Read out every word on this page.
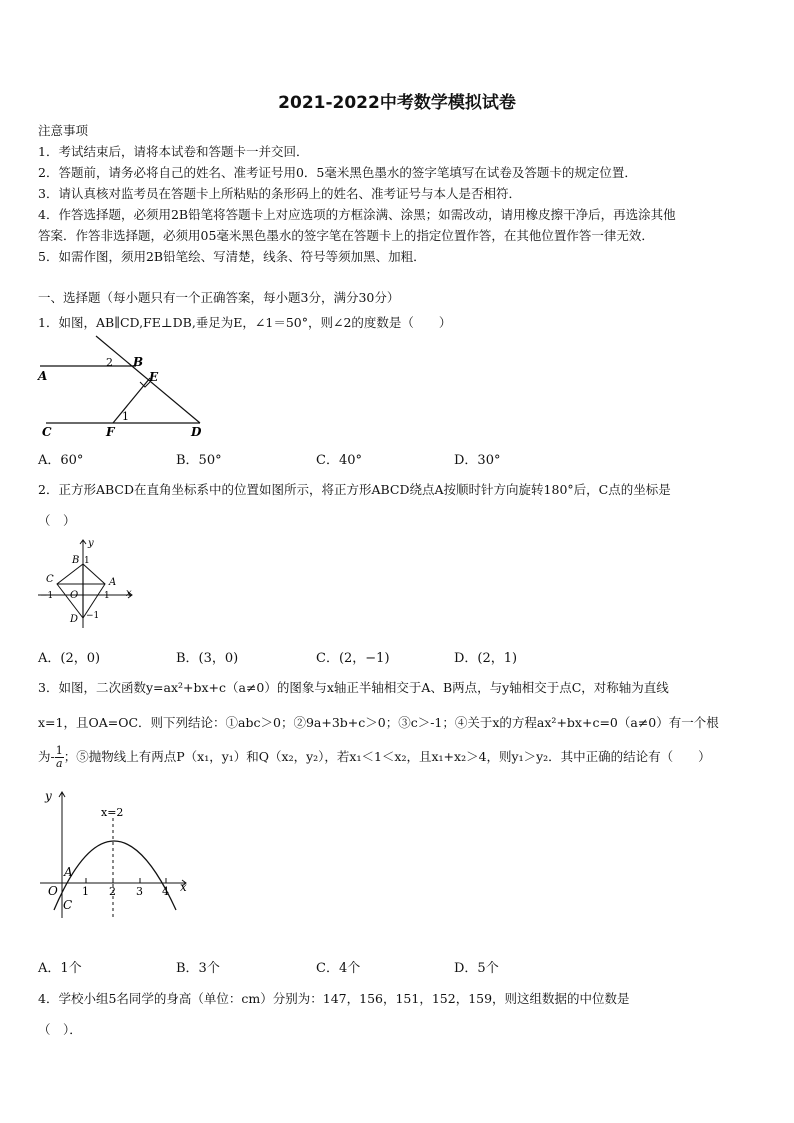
2021-2022中考数学模拟试卷
注意事项
1．考试结束后，请将本试卷和答题卡一并交回．
2．答题前，请务必将自己的姓名、准考证号用0．5毫米黑色墨水的签字笔填写在试卷及答题卡的规定位置．
3．请认真核对监考员在答题卡上所粘贴的条形码上的姓名、准考证号与本人是否相符．
4．作答选择题，必须用2B铅笔将答题卡上对应选项的方框涂满、涂黑；如需改动，请用橡皮擦干净后，再选涂其他
答案．作答非选择题，必须用05毫米黑色墨水的签字笔在答题卡上的指定位置作答，在其他位置作答一律无效．
5．如需作图，须用2B铅笔绘、写清楚，线条、符号等须加黑、加粗．
一、选择题（每小题只有一个正确答案，每小题3分，满分30分）
1．如图，AB∥CD,FE⊥DB,垂足为E，∠1＝50°，则∠2的度数是（　　）
A
B
C	D
E
F
1
2
A．60°	B．50°	C．40°	D．30°
2．正方形ABCD在直角坐标系中的位置如图所示，将正方形ABCD绕点A按顺时针方向旋转180°后，C点的坐标是
（　）
y
x
B 1
C	A
−1 O	1
D −1
A．(2，0)	B．(3，0)	C．(2，−1)	D．(2，1)
3．如图，二次函数y=ax²+bx+c（a≠0）的图象与x轴正半轴相交于A、B两点，与y轴相交于点C，对称轴为直线
x=1，且OA=OC．则下列结论：①abc＞0；②9a+3b+c＞0；③c＞-1；④关于x的方程ax²+bx+c=0（a≠0）有一个根
为- $\frac{1}{a}$ ；⑤抛物线上有两点P（x₁，y₁）和Q（x₂，y₂），若x₁＜1＜x₂，且x₁+x₂＞4，则y₁＞y₂．其中正确的结论有（　　）
y
x
x=2
O
A
C
1 2 3 4
A．1个	B．3个	C．4个	D．5个
4．学校小组5名同学的身高（单位：cm）分别为：147，156，151，152，159，则这组数据的中位数是
（　）．
